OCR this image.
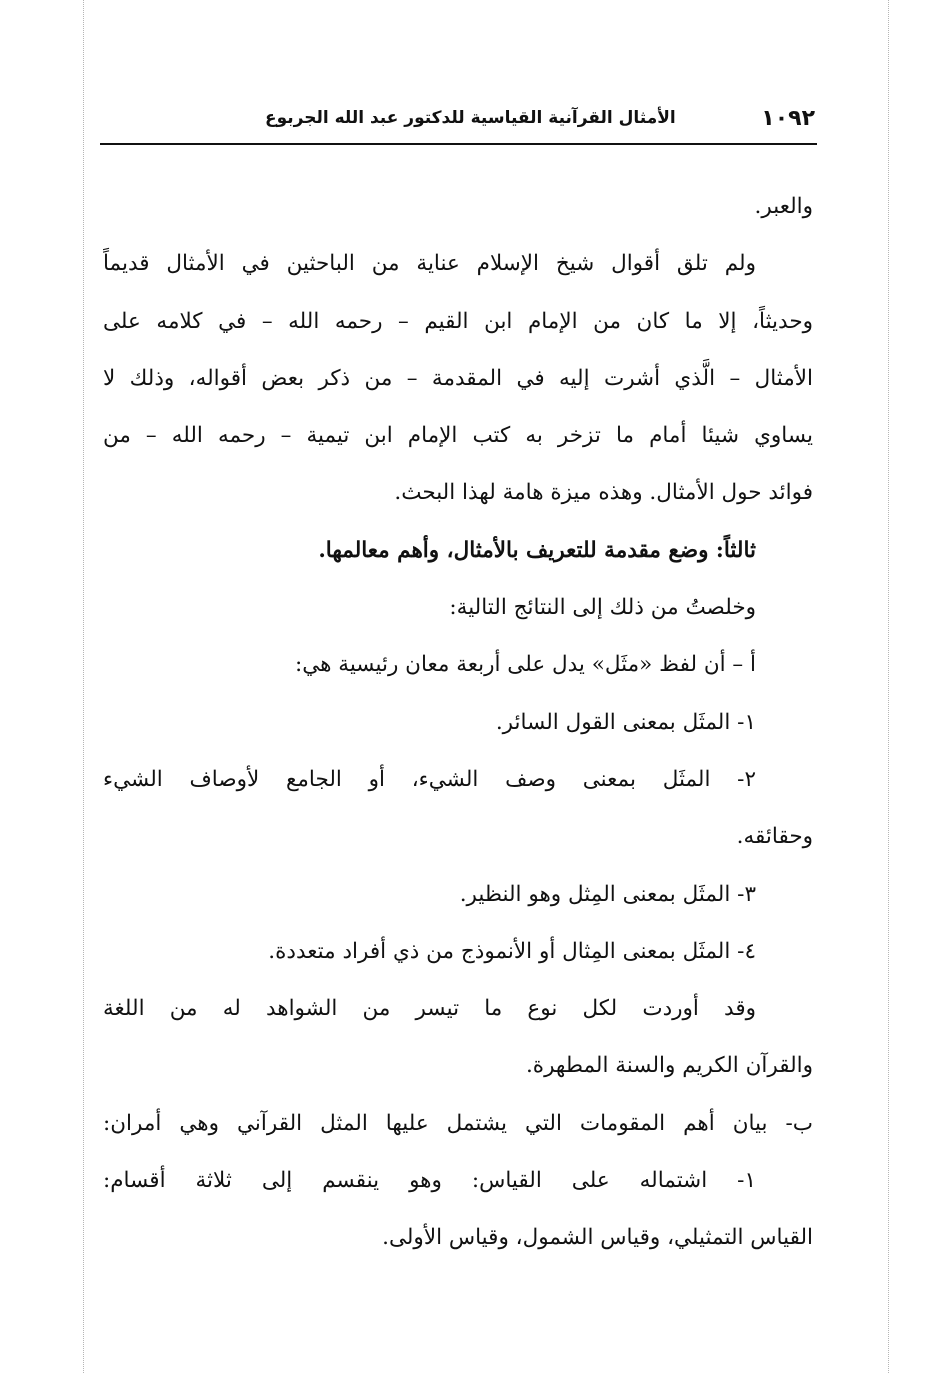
١٠٩٢
الأمثال القرآنية القياسية للدكتور عبد الله الجربوع
والعبر.
ولم تلق أقوال شيخ الإسلام عناية من الباحثين في الأمثال قديماً
وحديثاً، إلا ما كان من الإمام ابن القيم – رحمه الله – في كلامه على
الأمثال – الَّذي أشرت إليه في المقدمة – من ذكر بعض أقواله، وذلك لا
يساوي شيئا أمام ما تزخر به كتب الإمام ابن تيمية – رحمه الله – من
فوائد حول الأمثال. وهذه ميزة هامة لهذا البحث.
ثالثاً: وضع مقدمة للتعريف بالأمثال، وأهم معالمها.
وخلصتُ من ذلك إلى النتائج التالية:
أ – أن لفظ «مثَل» يدل على أربعة معان رئيسية هي:
١- المثَل بمعنى القول السائر.
٢- المثَل بمعنى وصف الشيء، أو الجامع لأوصاف الشيء
وحقائقه.
٣- المثَل بمعنى المِثل وهو النظير.
٤- المثَل بمعنى المِثال أو الأنموذج من ذي أفراد متعددة.
وقد أوردت لكل نوع ما تيسر من الشواهد له من اللغة
والقرآن الكريم والسنة المطهرة.
ب- بيان أهم المقومات التي يشتمل عليها المثل القرآني وهي أمران:
١- اشتماله على القياس: وهو ينقسم إلى ثلاثة أقسام:
القياس التمثيلي، وقياس الشمول، وقياس الأولى.
